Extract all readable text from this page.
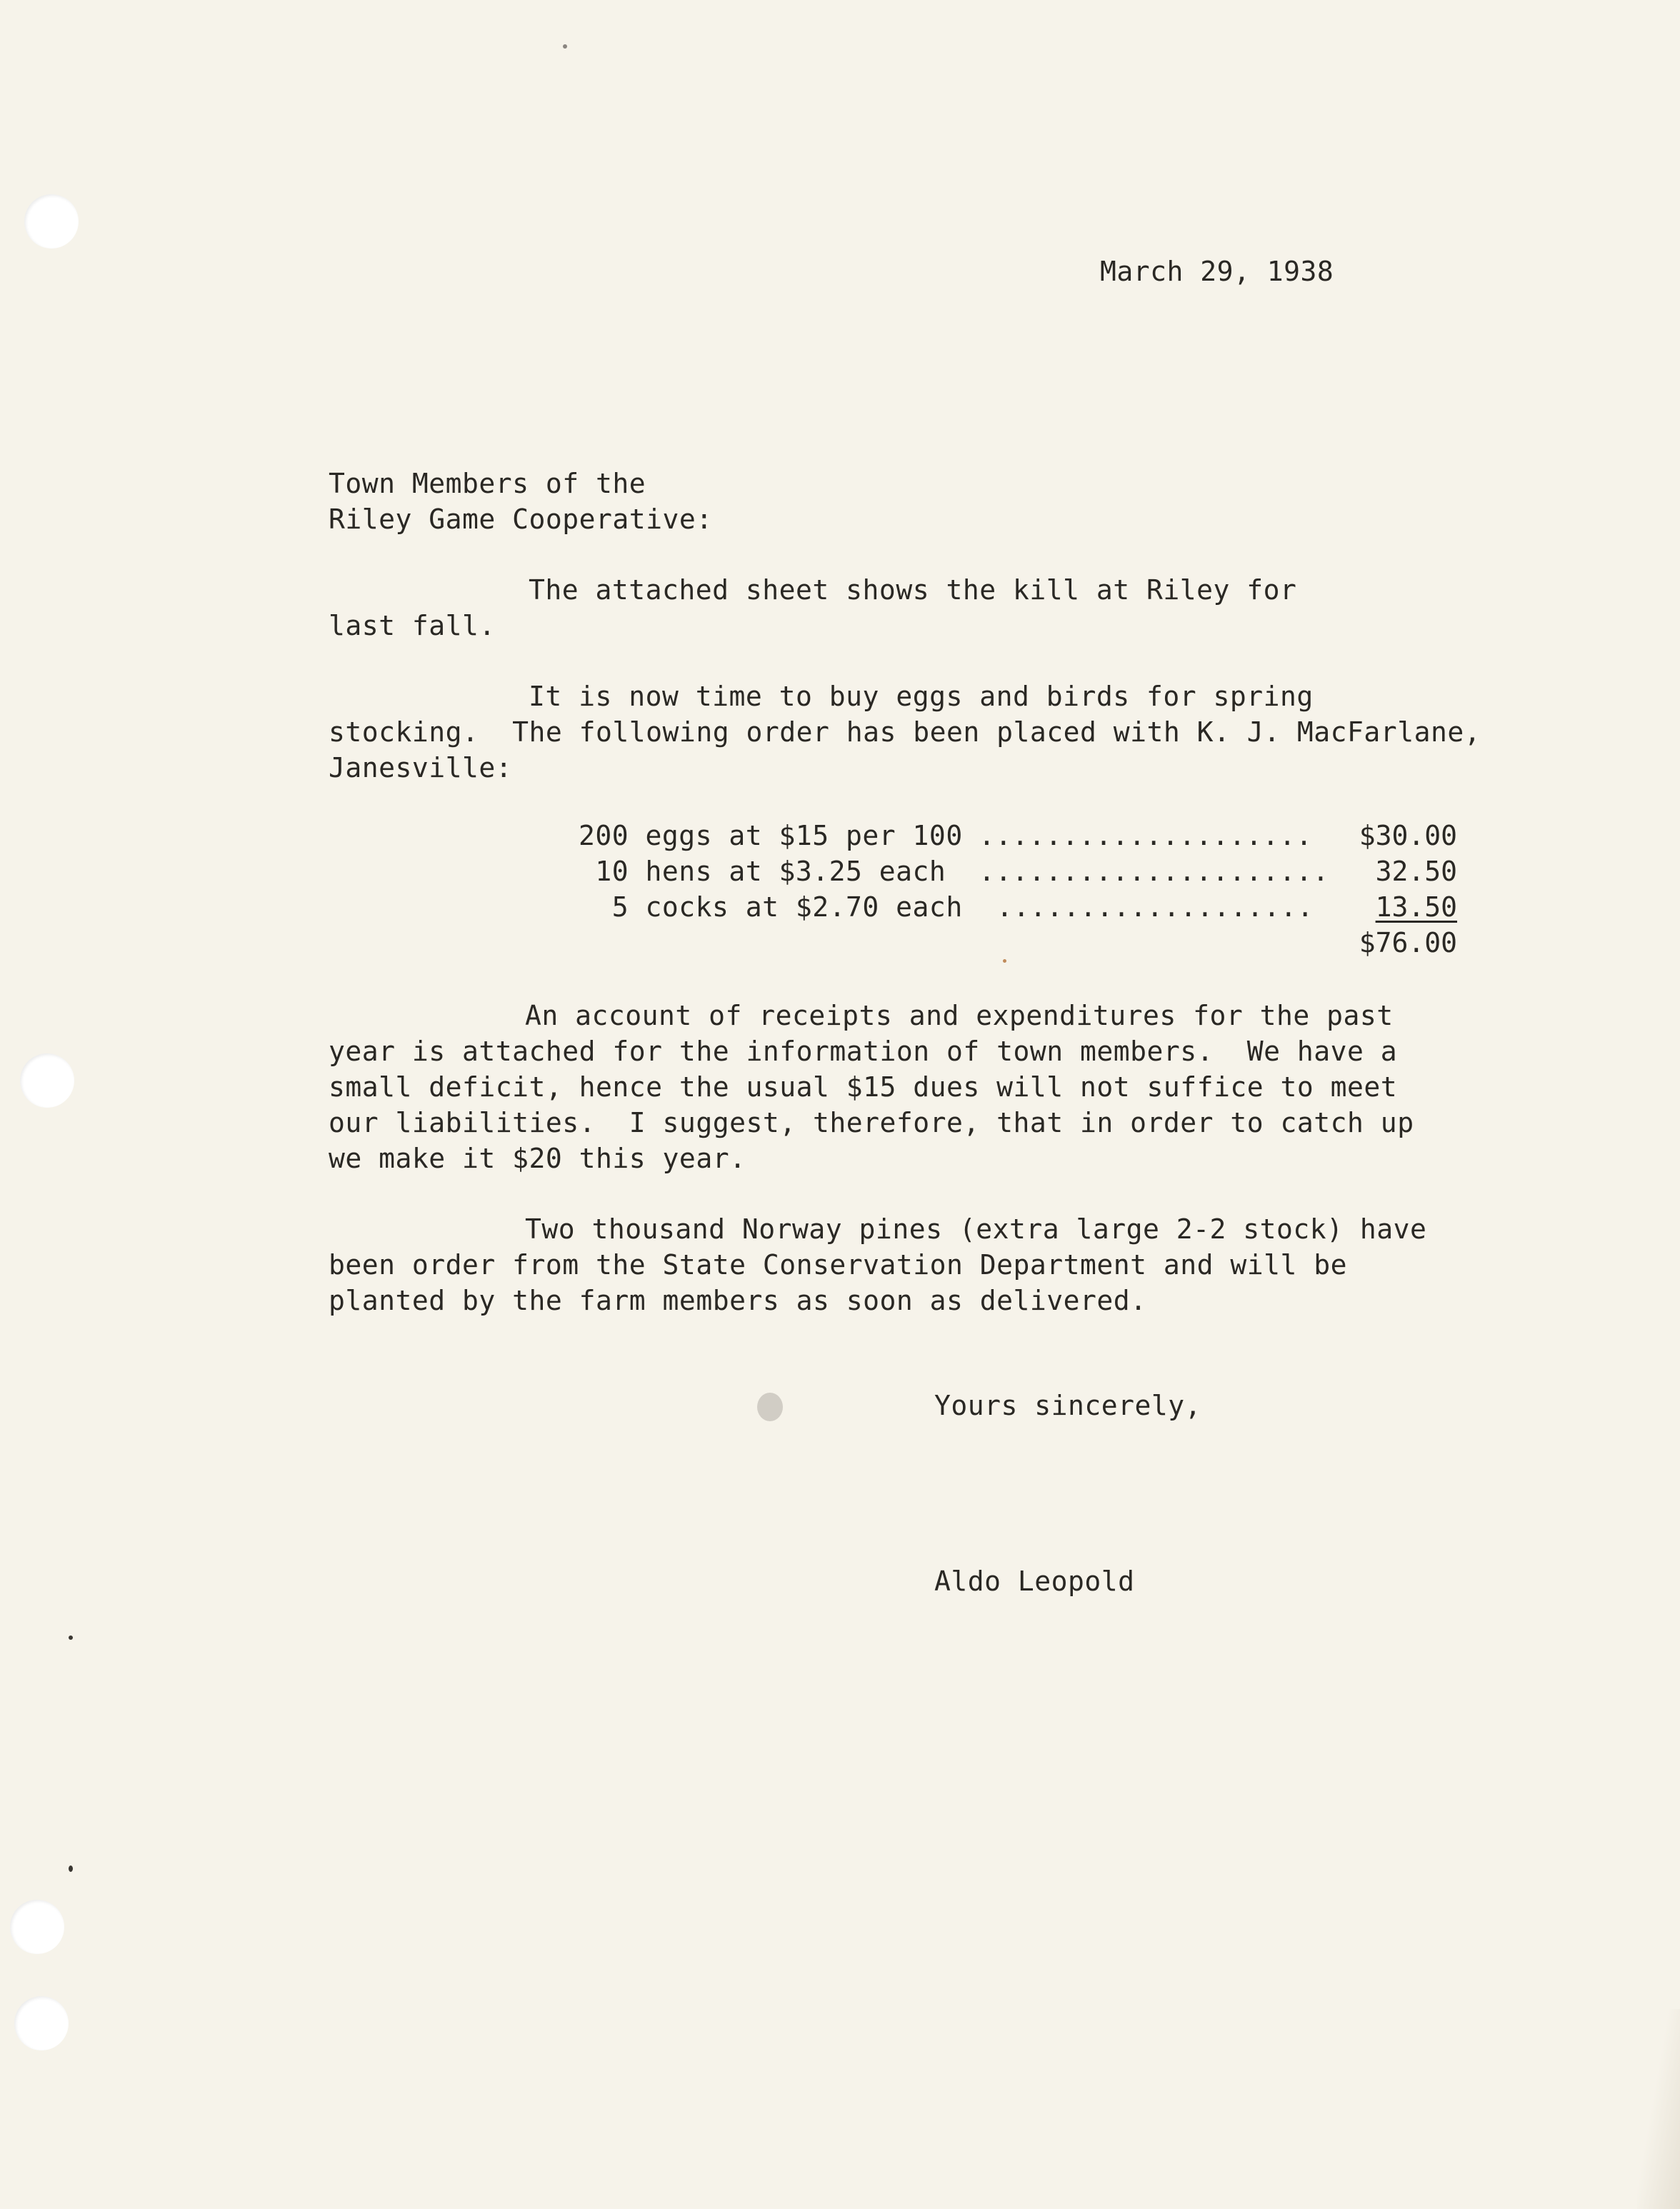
March 29, 1938
Town Members of the
Riley Game Cooperative:
The attached sheet shows the kill at Riley for
last fall.
It is now time to buy eggs and birds for spring
stocking.  The following order has been placed with K. J. MacFarlane,
Janesville:
200 eggs at $15 per 100 ....................	$30.00
10 hens at $3.25 each .....................	32.50
5 cocks at $2.70 each ...................	13.50
$76.00
An account of receipts and expenditures for the past
year is attached for the information of town members.  We have a
small deficit, hence the usual $15 dues will not suffice to meet
our liabilities.  I suggest, therefore, that in order to catch up
we make it $20 this year.
Two thousand Norway pines (extra large 2-2 stock) have
been order from the State Conservation Department and will be
planted by the farm members as soon as delivered.
Yours sincerely,
Aldo Leopold
